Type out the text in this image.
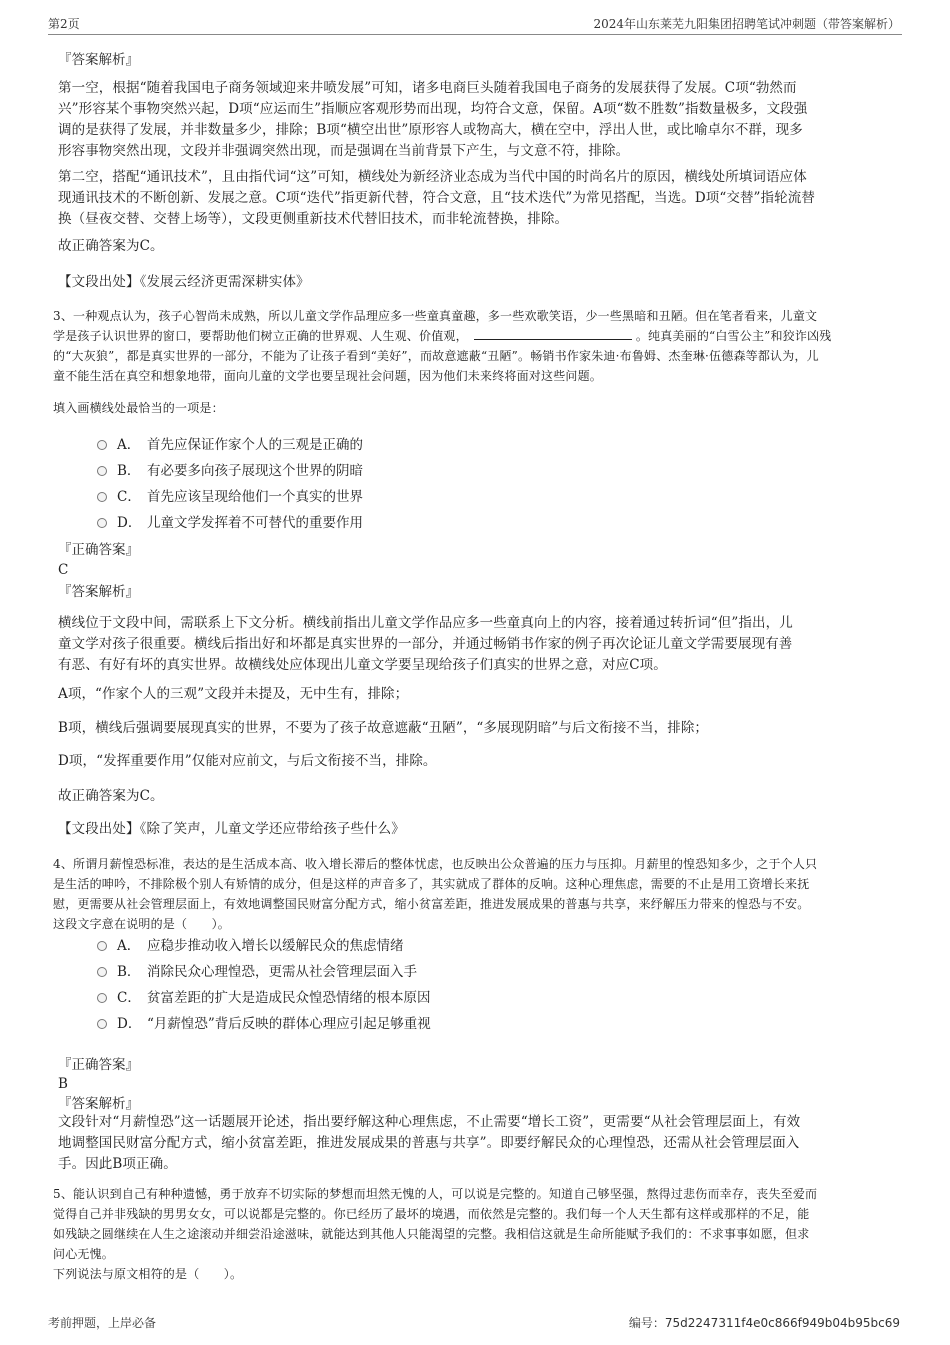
第2页	2024年山东莱芜九阳集团招聘笔试冲刺题（带答案解析）
『答案解析』
第一空，根据“随着我国电子商务领域迎来井喷发展”可知，诸多电商巨头随着我国电子商务的发展获得了发展。C项“勃然而
兴”形容某个事物突然兴起，D项“应运而生”指顺应客观形势而出现，均符合文意，保留。A项“数不胜数”指数量极多，文段强
调的是获得了发展，并非数量多少，排除；B项“横空出世”原形容人或物高大，横在空中，浮出人世，或比喻卓尔不群，现多
形容事物突然出现，文段并非强调突然出现，而是强调在当前背景下产生，与文意不符，排除。
第二空，搭配“通讯技术”，且由指代词“这”可知，横线处为新经济业态成为当代中国的时尚名片的原因，横线处所填词语应体
现通讯技术的不断创新、发展之意。C项“迭代”指更新代替，符合文意，且“技术迭代”为常见搭配，当选。D项“交替”指轮流替
换（昼夜交替、交替上场等），文段更侧重新技术代替旧技术，而非轮流替换，排除。
故正确答案为C。
【文段出处】《发展云经济更需深耕实体》
3、一种观点认为，孩子心智尚未成熟，所以儿童文学作品理应多一些童真童趣，多一些欢歌笑语，少一些黑暗和丑陋。但在笔者看来，儿童文
学是孩子认识世界的窗口，要帮助他们树立正确的世界观、人生观、价值观，	。纯真美丽的“白雪公主”和狡诈凶残
的“大灰狼”，都是真实世界的一部分，不能为了让孩子看到“美好”，而故意遮蔽“丑陋”。畅销书作家朱迪·布鲁姆、杰奎琳·伍德森等都认为，儿
童不能生活在真空和想象地带，面向儿童的文学也要呈现社会问题，因为他们未来终将面对这些问题。
填入画横线处最恰当的一项是：
A． 首先应保证作家个人的三观是正确的
B． 有必要多向孩子展现这个世界的阴暗
C． 首先应该呈现给他们一个真实的世界
D． 儿童文学发挥着不可替代的重要作用
『正确答案』
C
『答案解析』
横线位于文段中间，需联系上下文分析。横线前指出儿童文学作品应多一些童真向上的内容，接着通过转折词“但”指出，儿
童文学对孩子很重要。横线后指出好和坏都是真实世界的一部分，并通过畅销书作家的例子再次论证儿童文学需要展现有善
有恶、有好有坏的真实世界。故横线处应体现出儿童文学要呈现给孩子们真实的世界之意，对应C项。
A项，“作家个人的三观”文段并未提及，无中生有，排除；
B项，横线后强调要展现真实的世界，不要为了孩子故意遮蔽“丑陋”，“多展现阴暗”与后文衔接不当，排除；
D项，“发挥重要作用”仅能对应前文，与后文衔接不当，排除。
故正确答案为C。
【文段出处】《除了笑声，儿童文学还应带给孩子些什么》
4、所谓月薪惶恐标准，表达的是生活成本高、收入增长滞后的整体忧虑，也反映出公众普遍的压力与压抑。月薪里的惶恐知多少，之于个人只
是生活的呻吟，不排除极个别人有矫情的成分，但是这样的声音多了，其实就成了群体的反响。这种心理焦虑，需要的不止是用工资增长来抚
慰，更需要从社会管理层面上，有效地调整国民财富分配方式，缩小贫富差距，推进发展成果的普惠与共享，来纾解压力带来的惶恐与不安。
这段文字意在说明的是（　　）。
A． 应稳步推动收入增长以缓解民众的焦虑情绪
B． 消除民众心理惶恐，更需从社会管理层面入手
C． 贫富差距的扩大是造成民众惶恐情绪的根本原因
D． “月薪惶恐”背后反映的群体心理应引起足够重视
『正确答案』
B
『答案解析』
文段针对“月薪惶恐”这一话题展开论述，指出要纾解这种心理焦虑，不止需要“增长工资”，更需要“从社会管理层面上，有效
地调整国民财富分配方式，缩小贫富差距，推进发展成果的普惠与共享”。即要纾解民众的心理惶恐，还需从社会管理层面入
手。因此B项正确。
5、能认识到自己有种种遗憾，勇于放弃不切实际的梦想而坦然无愧的人，可以说是完整的。知道自己够坚强，熬得过悲伤而幸存，丧失至爱而
觉得自己并非残缺的男男女女，可以说都是完整的。你已经历了最坏的境遇，而依然是完整的。我们每一个人天生都有这样或那样的不足，能
如残缺之圆继续在人生之途滚动并细尝沿途滋味，就能达到其他人只能渴望的完整。我相信这就是生命所能赋予我们的：不求事事如愿，但求
问心无愧。
下列说法与原文相符的是（　　）。
考前押题，上岸必备	编号：75d2247311f4e0c866f949b04b95bc69
